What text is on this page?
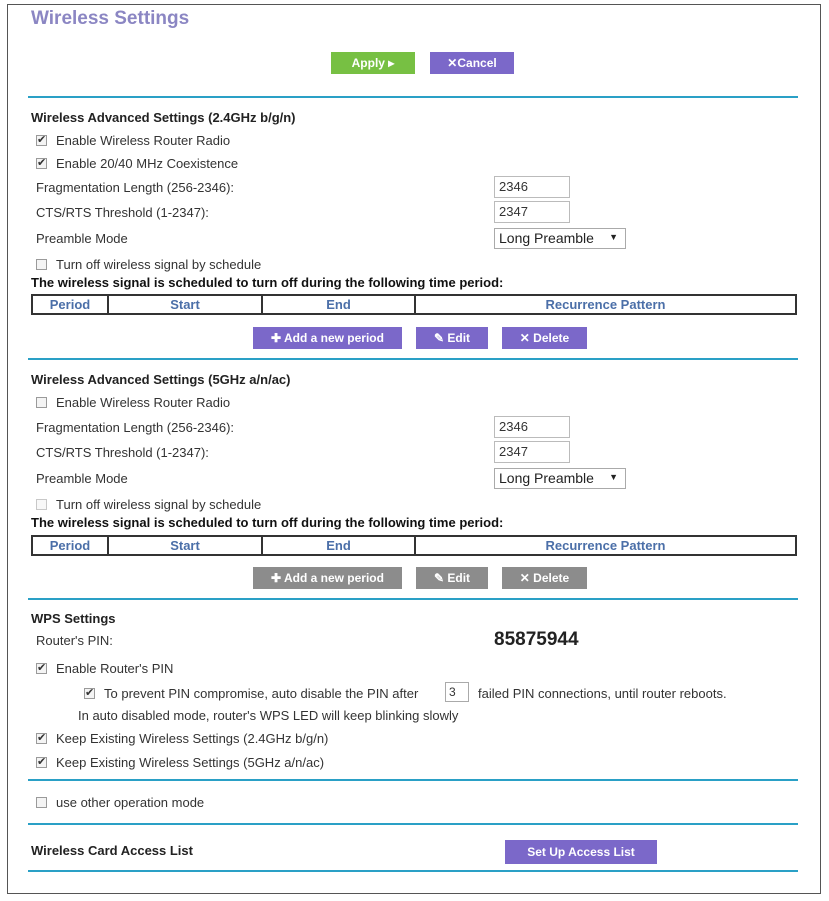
Wireless Settings
Apply ▸	✕Cancel
Wireless Advanced Settings (2.4GHz b/g/n)
✔
Enable Wireless Router Radio
✔
Enable 20/40 MHz Coexistence
Fragmentation Length (256-2346):	2346
CTS/RTS Threshold (1-2347):	2347
Preamble Mode	Long Preamble ▼
Turn off wireless signal by schedule
The wireless signal is scheduled to turn off during the following time period:
Period	Start	End	Recurrence Pattern
✚ Add a new period	✎ Edit	✕ Delete
Wireless Advanced Settings (5GHz a/n/ac)
Enable Wireless Router Radio
Fragmentation Length (256-2346):	2346
CTS/RTS Threshold (1-2347):	2347
Preamble Mode	Long Preamble ▼
Turn off wireless signal by schedule
The wireless signal is scheduled to turn off during the following time period:
Period	Start	End	Recurrence Pattern
✚ Add a new period	✎ Edit	✕ Delete
WPS Settings
Router's PIN:	85875944
✔
Enable Router's PIN
✔
To prevent PIN compromise, auto disable the PIN after	3	failed PIN connections, until router reboots.
In auto disabled mode, router's WPS LED will keep blinking slowly
✔
Keep Existing Wireless Settings (2.4GHz b/g/n)
✔
Keep Existing Wireless Settings (5GHz a/n/ac)
use other operation mode
Wireless Card Access List	Set Up Access List
